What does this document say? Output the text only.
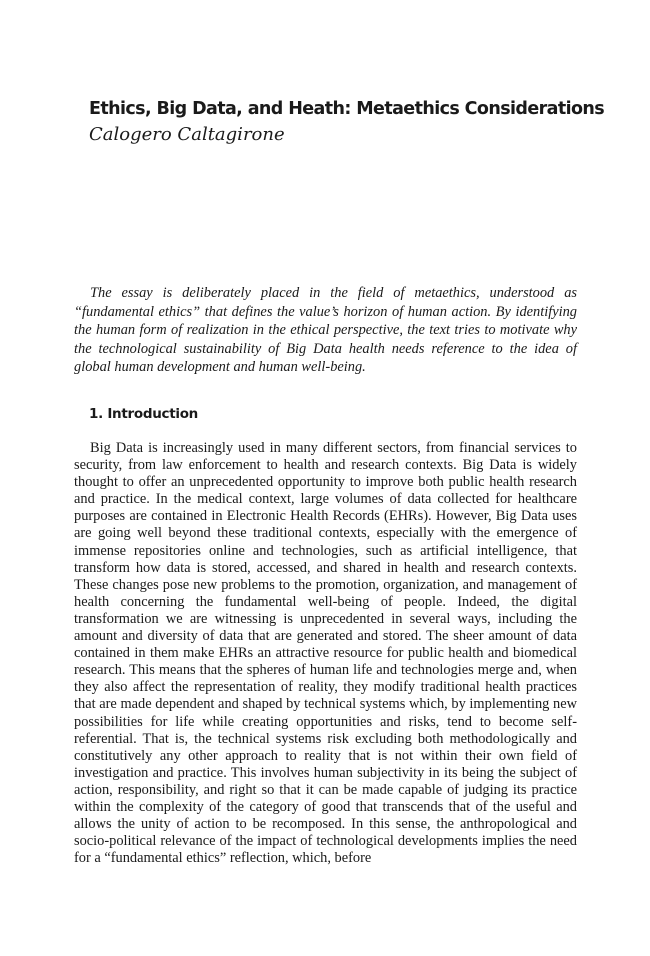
Ethics, Big Data, and Heath: Metaethics Considerations

Calogero Caltagirone

The essay is deliberately placed in the field of metaethics, understood as “fundamental ethics” that defines the value’s horizon of human action. By identifying the human form of realization in the ethical perspective, the text tries to motivate why the technological sustainability of Big Data health needs reference to the idea of global human development and human well-being.

1. Introduction

Big Data is increasingly used in many different sectors, from financial services to security, from law enforcement to health and research contexts. Big Data is widely thought to offer an unprecedented opportunity to improve both public health research and practice. In the medical context, large volumes of data collected for healthcare purposes are contained in Electronic Health Records (EHRs). However, Big Data uses are going well beyond these traditional contexts, especially with the emergence of immense repositories online and technologies, such as artificial intelligence, that transform how data is stored, accessed, and shared in health and research contexts. These changes pose new problems to the promotion, organization, and management of health concerning the fundamental well-being of people. Indeed, the digital transformation we are witnessing is unprecedented in several ways, including the amount and diversity of data that are generated and stored. The sheer amount of data contained in them make EHRs an attractive resource for public health and biomedical research. This means that the spheres of human life and technologies merge and, when they also affect the representation of reality, they modify traditional health practices that are made dependent and shaped by technical systems which, by implementing new possibilities for life while creating opportunities and risks, tend to become self-referential. That is, the technical systems risk excluding both methodologically and constitutively any other approach to reality that is not within their own field of investigation and practice. This involves human subjectivity in its being the subject of action, responsibility, and right so that it can be made capable of judging its practice within the complexity of the category of good that transcends that of the useful and allows the unity of action to be recomposed. In this sense, the anthropological and socio-political relevance of the impact of technological developments implies the need for a “fundamental ethics” reflection, which, before
